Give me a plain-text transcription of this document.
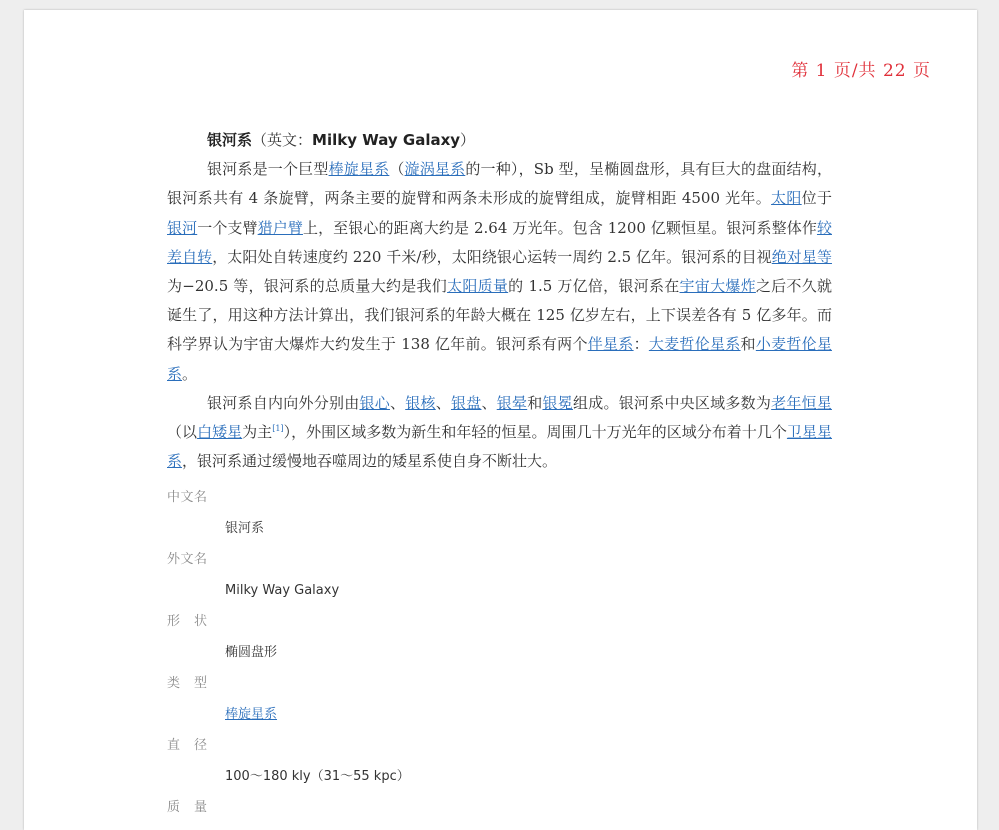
第 1 页/共 22 页

银河系（英文：Milky Way Galaxy）

银河系是一个巨型棒旋星系（漩涡星系的一种），Sb 型，呈椭圆盘形，具有巨大的盘面结构，银河系共有 4 条旋臂，两条主要的旋臂和两条未形成的旋臂组成，旋臂相距 4500 光年。太阳位于银河一个支臂猎户臂上，至银心的距离大约是 2.64 万光年。包含 1200 亿颗恒星。银河系整体作较差自转，太阳处自转速度约 220 千米/秒，太阳绕银心运转一周约 2.5 亿年。银河系的目视绝对星等为−20.5 等，银河系的总质量大约是我们太阳质量的 1.5 万亿倍，银河系在宇宙大爆炸之后不久就诞生了，用这种方法计算出，我们银河系的年龄大概在 125 亿岁左右，上下误差各有 5 亿多年。而科学界认为宇宙大爆炸大约发生于 138 亿年前。银河系有两个伴星系：大麦哲伦星系和小麦哲伦星系。

银河系自内向外分别由银心、银核、银盘、银晕和银冕组成。银河系中央区域多数为老年恒星（以白矮星为主[1]），外围区域多数为新生和年轻的恒星。周围几十万光年的区域分布着十几个卫星星系，银河系通过缓慢地吞噬周边的矮星系使自身不断壮大。

中文名
银河系
外文名
Milky Way Galaxy
形　状
椭圆盘形
类　型
棒旋星系
直　径
100～180 kly（31～55 kpc）
质　量
